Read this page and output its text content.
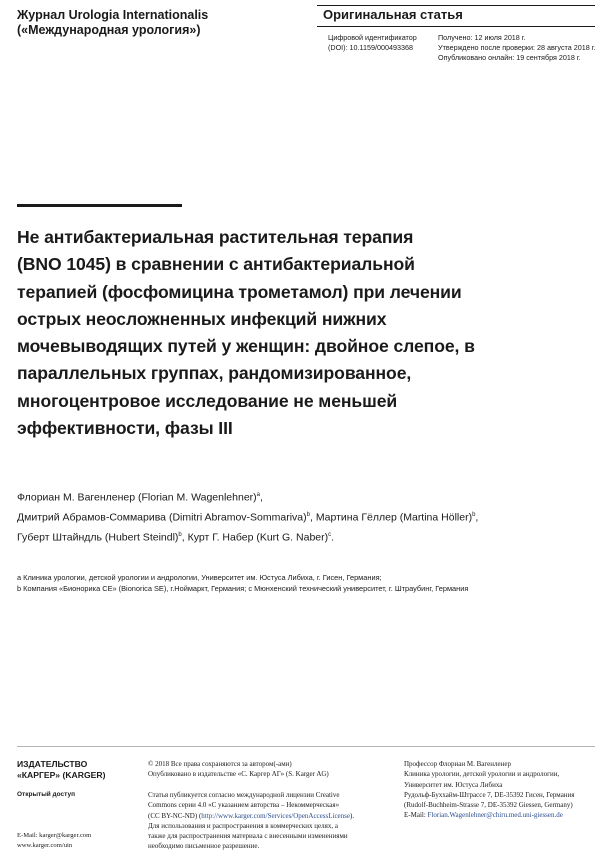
Журнал Urologia Internationalis
(«Международная урология»)
Оригинальная статья
Цифровой идентификатор
(DOI): 10.1159/000493368
Получено: 12 июля 2018 г.
Утверждено после проверки: 28 августа 2018 г.
Опубликовано онлайн: 19 сентября 2018 г.
Не антибактериальная растительная терапия
(BNO 1045) в сравнении с антибактериальной
терапией (фосфомицина трометамол) при лечении
острых неосложненных инфекций нижних
мочевыводящих путей у женщин: двойное слепое, в
параллельных группах, рандомизированное,
многоцентровое исследование не меньшей
эффективности, фазы III
Флориан М. Вагенленер (Florian M. Wagenlehner)$^a$,
Дмитрий Абрамов-Соммарива (Dimitri Abramov-Sommariva)$^b$, Мартина Гёллер (Martina Höller)$^b$,
Губерт Штайндль (Hubert Steindl)$^b$, Курт Г. Набер (Kurt G. Naber)$^c$.
a Клиника урологии, детской урологии и андрологии, Университет им. Юстуса Либиха, г. Гисен, Германия;
b Компания «Бионорика СЕ» (Bionorica SE), г.Ноймаркт, Германия; с Мюнхенский технический университет, г. Штраубинг, Германия
ИЗДАТЕЛЬСТВО
«КАРГЕР» (KARGER)
Открытый доступ
E-Mail: karger@karger.com
www.karger.com/uin
© 2018 Все права сохраняются за автором(-ами)
Опубликовано в издательстве «С. Каргер АГ» (S. Karger AG)
Статья публикуется согласно международной лицензии Creative
Commons серии 4.0 «С указанием авторства – Некоммерческая»
(CC BY-NC-ND) (http://www.karger.com/Services/OpenAccessLicense).
Для использования и распространения в коммерческих целях, а
также для распространения материала с внесенными изменениями
необходимо письменное разрешение.
Профессор Флориан М. Вагенленер
Клиника урологии, детской урологии и андрологии,
Университет им. Юстуса Либиха
Рудольф-Буххайм-Штрассе 7, DE-35392 Гисен, Германия
(Rudolf-Buchheim-Strasse 7, DE-35392 Giessen, Germany)
E-Mail: Florian.Wagenlehner@chiru.med.uni-giessen.de
